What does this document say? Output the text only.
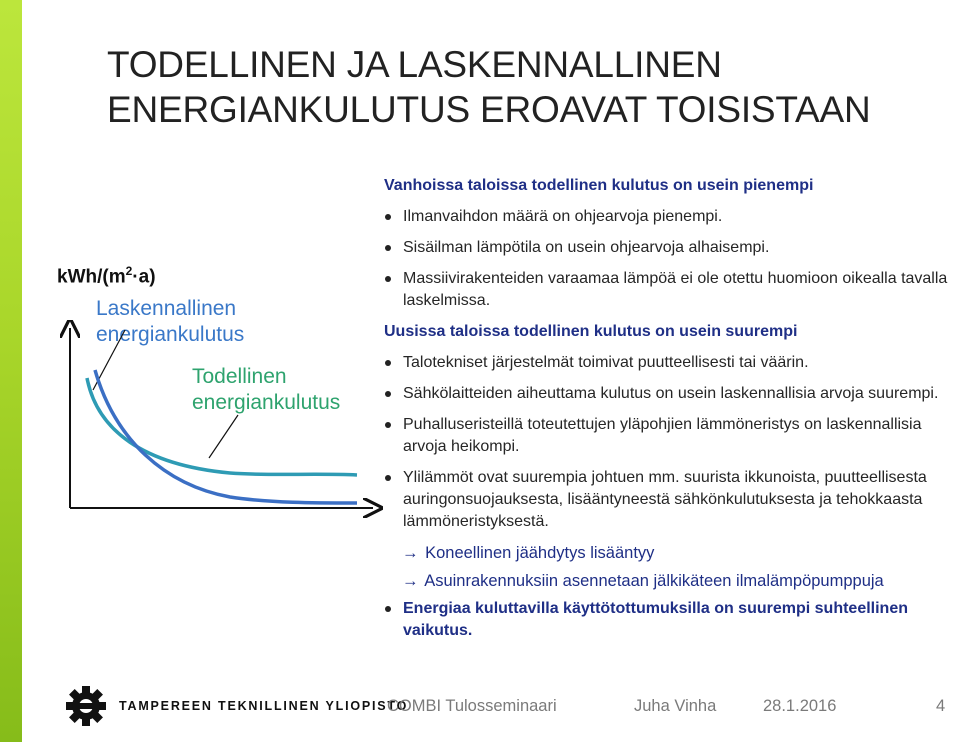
TODELLINEN JA LASKENNALLINEN
ENERGIANKULUTUS EROAVAT TOISISTAAN
kWh/$(m^2\cdot a)$
Laskennallinen
energiankulutus
Todellinen
energiankulutus
Vanhoissa taloissa todellinen kulutus on usein pienempi
Ilmanvaihdon määrä on ohjearvoja pienempi.
Sisäilman lämpötila on usein ohjearvoja alhaisempi.
Massiivirakenteiden varaamaa lämpöä ei ole otettu huomioon oikealla tavalla laskelmissa.
Uusissa taloissa todellinen kulutus on usein suurempi
Talotekniset järjestelmät toimivat puutteellisesti tai väärin.
Sähkölaitteiden aiheuttama kulutus on usein laskennallisia arvoja suurempi.
Puhalluseristeillä toteutettujen yläpohjien lämmöneristys on laskennallisia arvoja heikompi.
Ylilämmöt ovat suurempia johtuen mm. suurista ikkunoista, puutteellisesta auringonsuojauksesta, lisääntyneestä sähkönkulutuksesta ja tehokkaasta lämmöneristyksestä.
→ Koneellinen jäähdytys lisääntyy
→ Asuinrakennuksiin asennetaan jälkikäteen ilmalämpöpumppuja
Energiaa kuluttavilla käyttötottumuksilla on suurempi suhteellinen vaikutus.
TAMPEREEN TEKNILLINEN YLIOPISTO
COMBI Tulosseminaari	Juha Vinha	28.1.2016	4
